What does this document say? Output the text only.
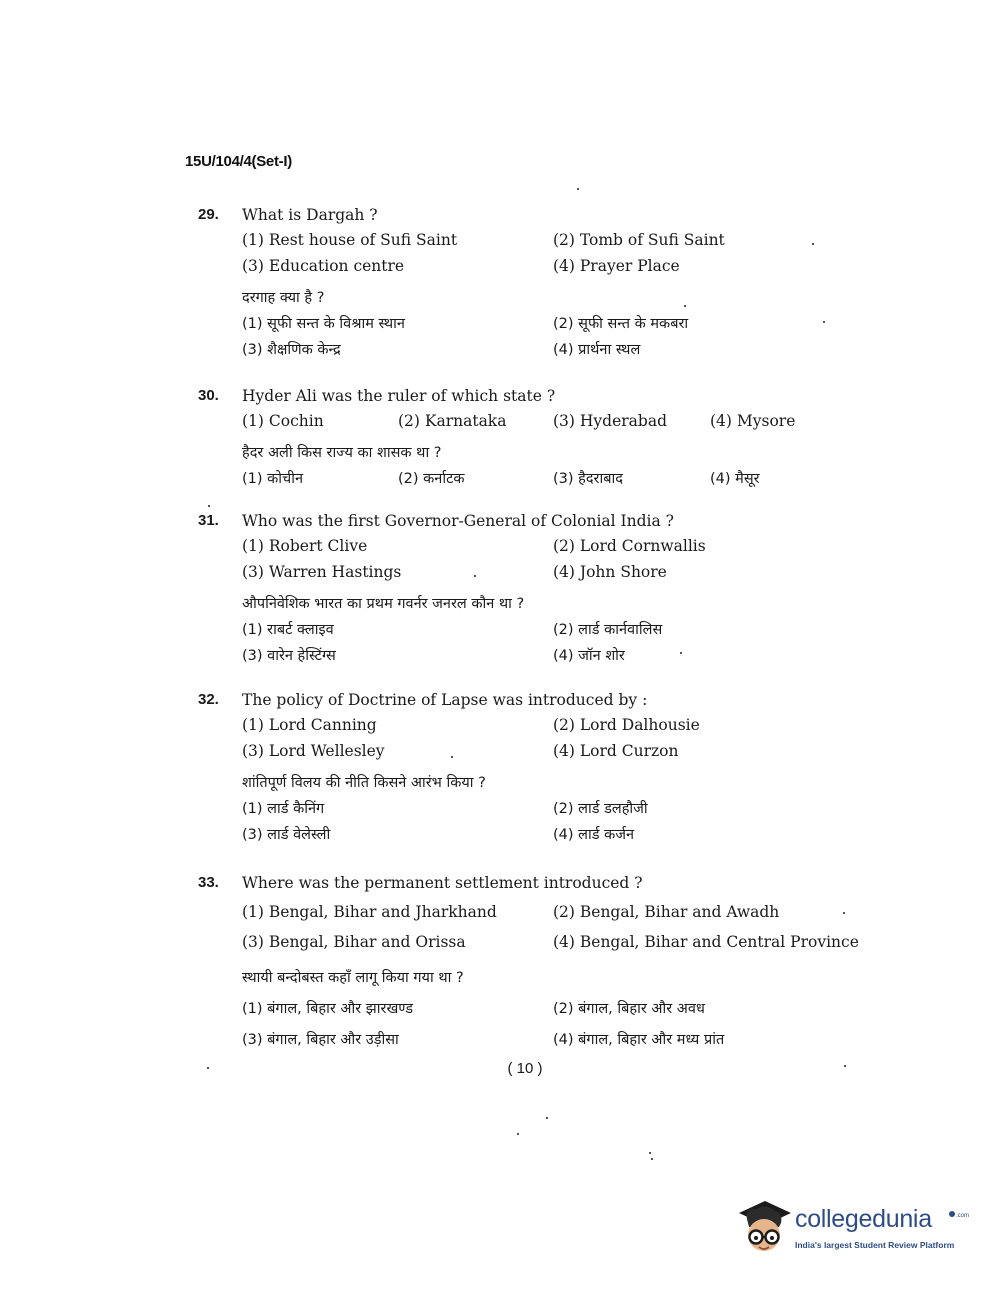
15U/104/4(Set-I)
29. What is Dargah ?
(1) Rest house of Sufi Saint	(2) Tomb of Sufi Saint
(3) Education centre	(4) Prayer Place
दरगाह क्या है ?
(1) सूफी सन्त के विश्राम स्थान	(2) सूफी सन्त के मकबरा
(3) शैक्षणिक केन्द्र	(4) प्रार्थना स्थल
30. Hyder Ali was the ruler of which state ?
(1) Cochin	(2) Karnataka	(3) Hyderabad	(4) Mysore
हैदर अली किस राज्य का शासक था ?
(1) कोचीन	(2) कर्नाटक	(3) हैदराबाद	(4) मैसूर
31. Who was the first Governor-General of Colonial India ?
(1) Robert Clive	(2) Lord Cornwallis
(3) Warren Hastings	(4) John Shore
औपनिवेशिक भारत का प्रथम गवर्नर जनरल कौन था ?
(1) राबर्ट क्लाइव	(2) लार्ड कार्नवालिस
(3) वारेन हेस्टिंग्स	(4) जॉन शोर
32. The policy of Doctrine of Lapse was introduced by :
(1) Lord Canning	(2) Lord Dalhousie
(3) Lord Wellesley	(4) Lord Curzon
शांतिपूर्ण विलय की नीति किसने आरंभ किया ?
(1) लार्ड कैनिंग	(2) लार्ड डलहौजी
(3) लार्ड वेलेस्ली	(4) लार्ड कर्जन
33. Where was the permanent settlement introduced ?
(1) Bengal, Bihar and Jharkhand	(2) Bengal, Bihar and Awadh
(3) Bengal, Bihar and Orissa	(4) Bengal, Bihar and Central Province
स्थायी बन्दोबस्त कहाँ लागू किया गया था ?
(1) बंगाल, बिहार और झारखण्ड	(2) बंगाल, बिहार और अवध
(3) बंगाल, बिहार और उड़ीसा	(4) बंगाल, बिहार और मध्य प्रांत
( 10 )
collegedunia	.com
India's largest Student Review Platform
